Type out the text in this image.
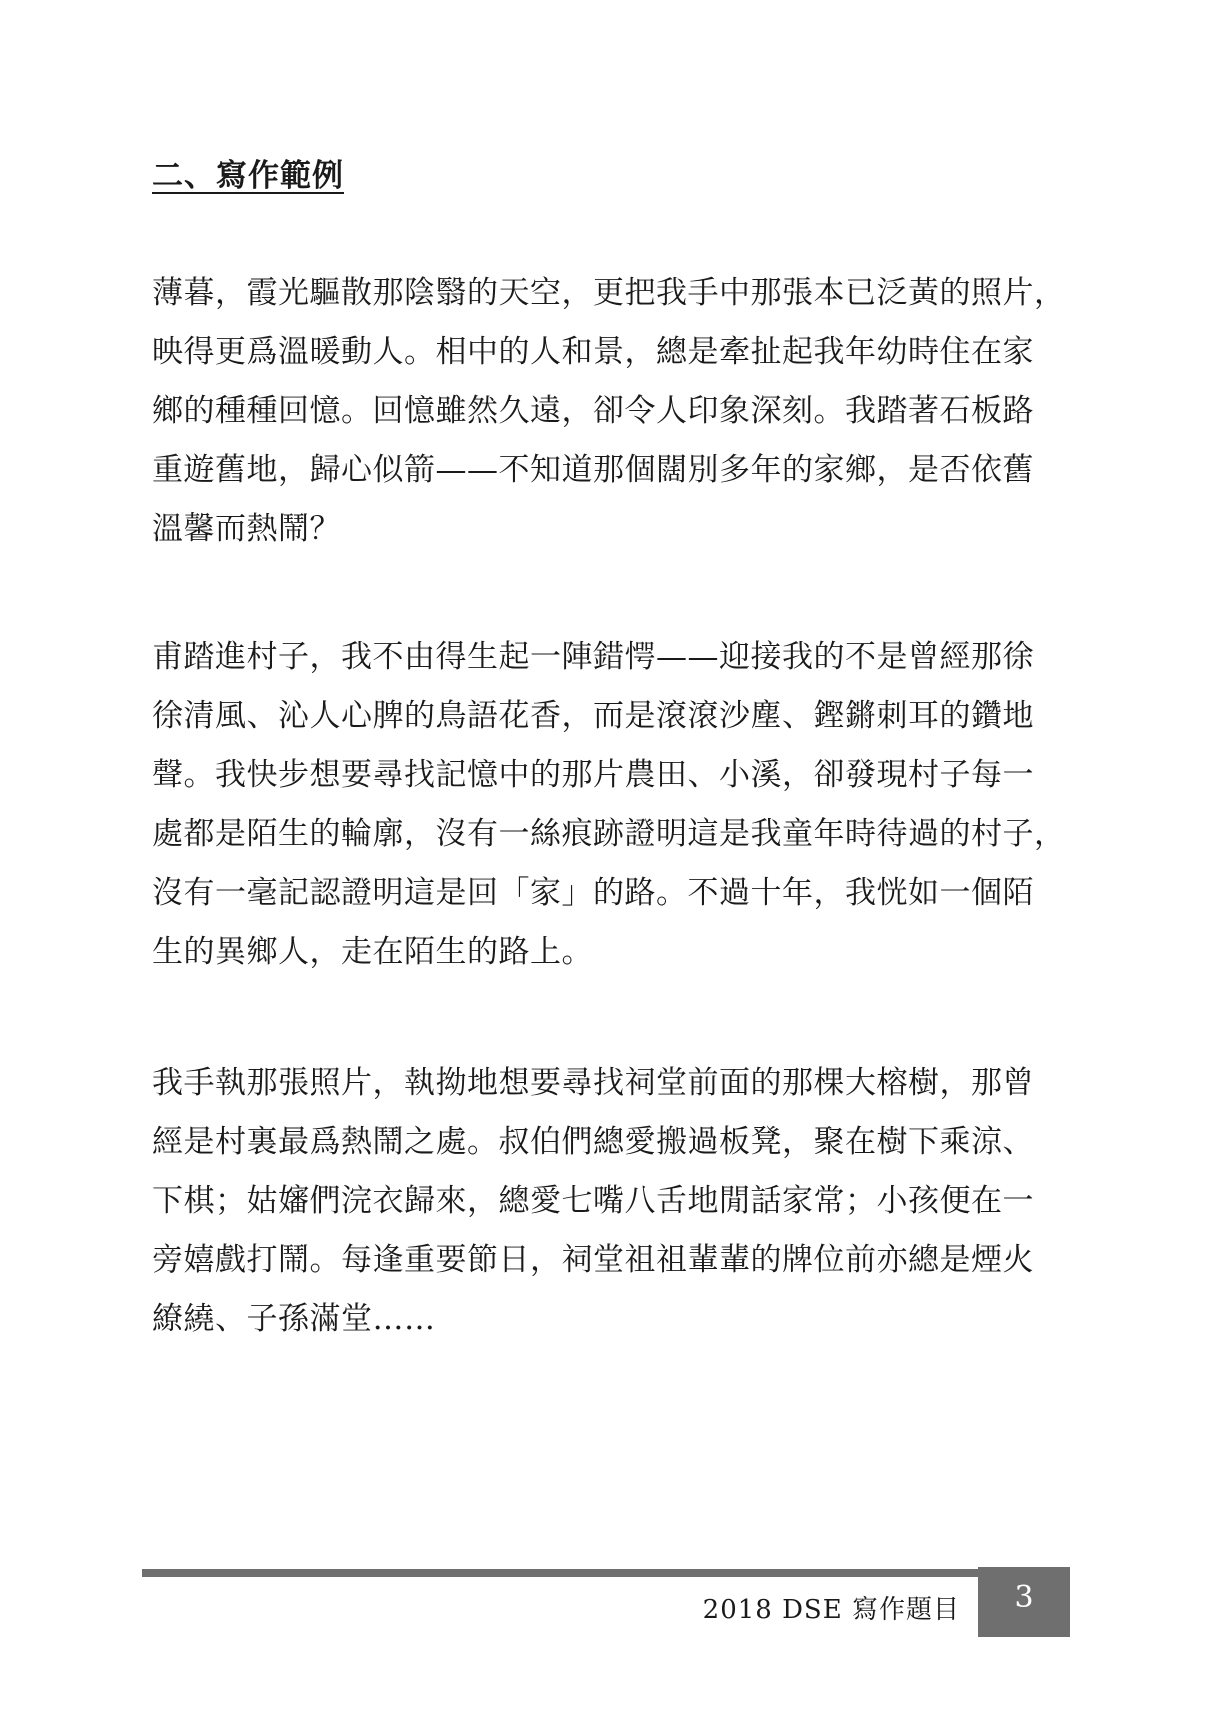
二、寫作範例
薄暮，霞光驅散那陰翳的天空，更把我手中那張本已泛黃的照片，
映得更爲溫暖動人。相中的人和景，總是牽扯起我年幼時住在家
鄉的種種回憶。回憶雖然久遠，卻令人印象深刻。我踏著石板路
重遊舊地，歸心似箭——不知道那個闊別多年的家鄉，是否依舊
溫馨而熱鬧？
甫踏進村子，我不由得生起一陣錯愕——迎接我的不是曾經那徐
徐清風、沁人心脾的鳥語花香，而是滾滾沙塵、鏗鏘刺耳的鑽地
聲。我快步想要尋找記憶中的那片農田、小溪，卻發現村子每一
處都是陌生的輪廓，沒有一絲痕跡證明這是我童年時待過的村子，
沒有一毫記認證明這是回「家」的路。不過十年，我恍如一個陌
生的異鄉人，走在陌生的路上。
我手執那張照片，執拗地想要尋找祠堂前面的那棵大榕樹，那曾
經是村裏最爲熱鬧之處。叔伯們總愛搬過板凳，聚在樹下乘涼、
下棋；姑嬸們浣衣歸來，總愛七嘴八舌地閒話家常；小孩便在一
旁嬉戲打鬧。每逢重要節日，祠堂祖祖輩輩的牌位前亦總是煙火
繚繞、子孫滿堂……
2018 DSE 寫作題目	3
